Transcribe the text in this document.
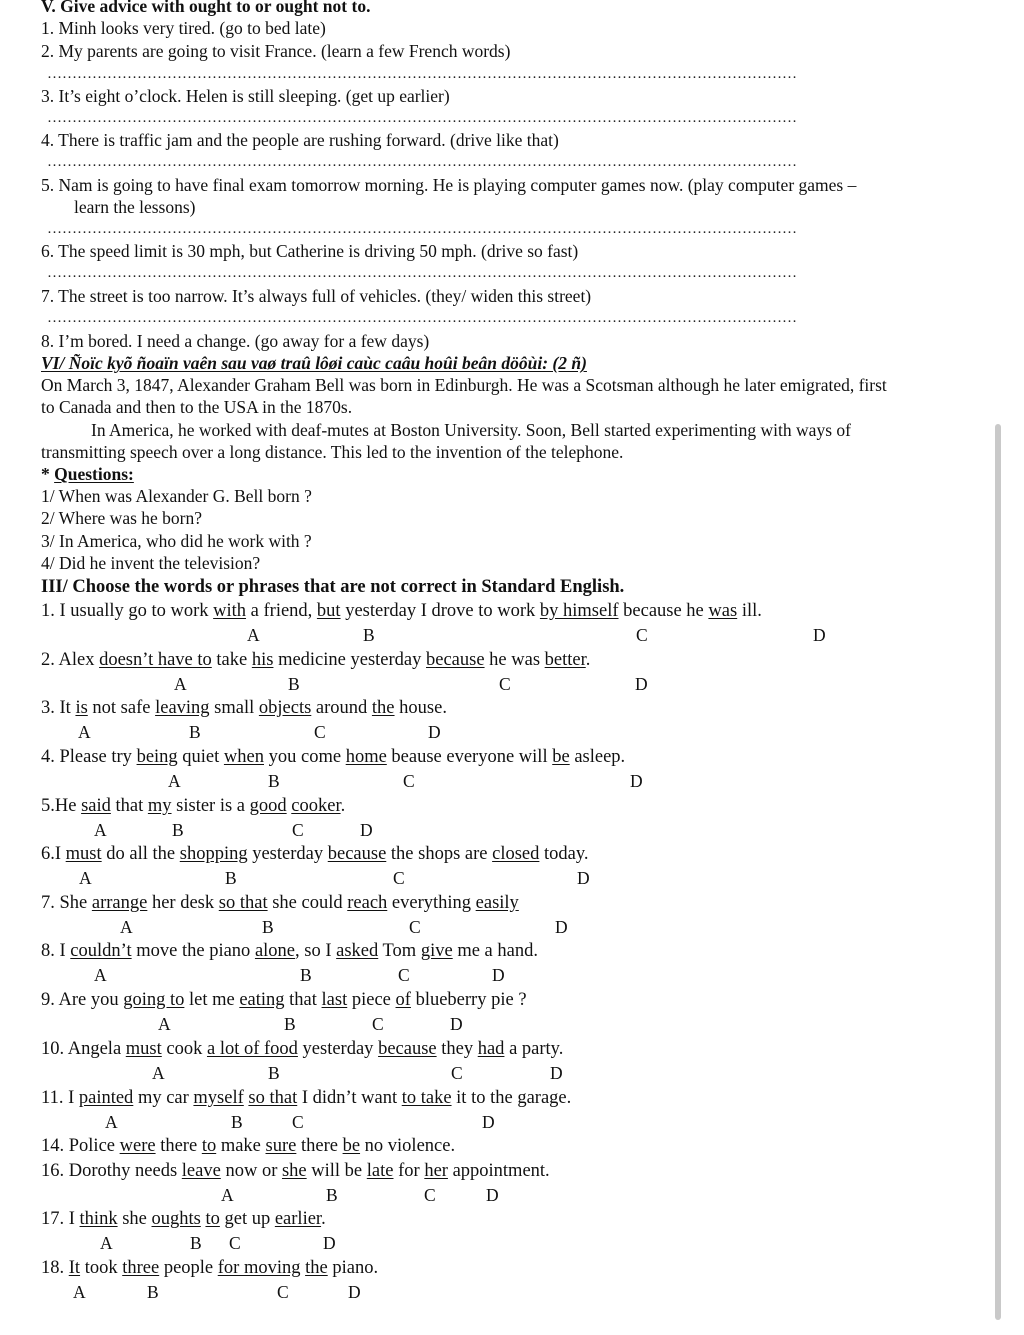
V. Give advice with ought to or ought not to.
1. Minh looks very tired. (go to bed late)
2. My parents are going to visit France. (learn a few French words)
……………………………………………………………………………………………………………………………………
3. It’s eight o’clock. Helen is still sleeping. (get up earlier)
……………………………………………………………………………………………………………………………………
4. There is traffic jam and the people are rushing forward. (drive like that)
……………………………………………………………………………………………………………………………………
5. Nam is going to have final exam tomorrow morning. He is playing computer games now. (play computer games –
learn the lessons)
……………………………………………………………………………………………………………………………………
6. The speed limit is 30 mph, but Catherine is driving 50 mph. (drive so fast)
……………………………………………………………………………………………………………………………………
7. The street is too narrow. It’s always full of vehicles. (they/ widen this street)
……………………………………………………………………………………………………………………………………
8. I’m bored. I need a change. (go away for a few days)
VI/ Ñoïc kyõ ñoaïn vaên sau vaø traû lôøi caùc caâu hoûi beân döôùi: (2 ñ)
On March 3, 1847, Alexander Graham Bell was born in Edinburgh. He was a Scotsman although he later emigrated, first
to Canada and then to the USA in the 1870s.
In America, he worked with deaf-mutes at Boston University. Soon, Bell started experimenting with ways of
transmitting speech over a long distance. This led to the invention of the telephone.
* Questions:
1/ When was Alexander G. Bell born ?
2/ Where was he born?
3/ In America, who did he work with ?
4/ Did he invent the television?
III/ Choose the words or phrases that are not correct in Standard English.
1. I usually go to work with a friend, but yesterday I drove to work by himself because he was ill.
A	B	C	D
2. Alex doesn’t have to take his medicine yesterday because he was better.
A	B	C	D
3. It is not safe leaving small objects around the house.
A	B	C	D
4. Please try being quiet when you come home beause everyone will be asleep.
A	B	C	D
5.He said that my sister is a good cooker.
A	B	C	D
6.I must do all the shopping yesterday because the shops are closed today.
A	B	C	D
7. She arrange her desk so that she could reach everything easily
A	B	C	D
8. I couldn’t move the piano alone, so I asked Tom give me a hand.
A	B	C	D
9. Are you going to let me eating that last piece of blueberry pie ?
A	B	C	D
10. Angela must cook a lot of food yesterday because they had a party.
A	B	C	D
11. I painted my car myself so that I didn’t want to take it to the garage.
A	B	C	D
14. Police were there to make sure there be no violence.
16. Dorothy needs leave now or she will be late for her appointment.
A	B	C	D
17. I think she oughts to get up earlier.
A	B C	D
18. It took three people for moving the piano.
A	B	C	D
